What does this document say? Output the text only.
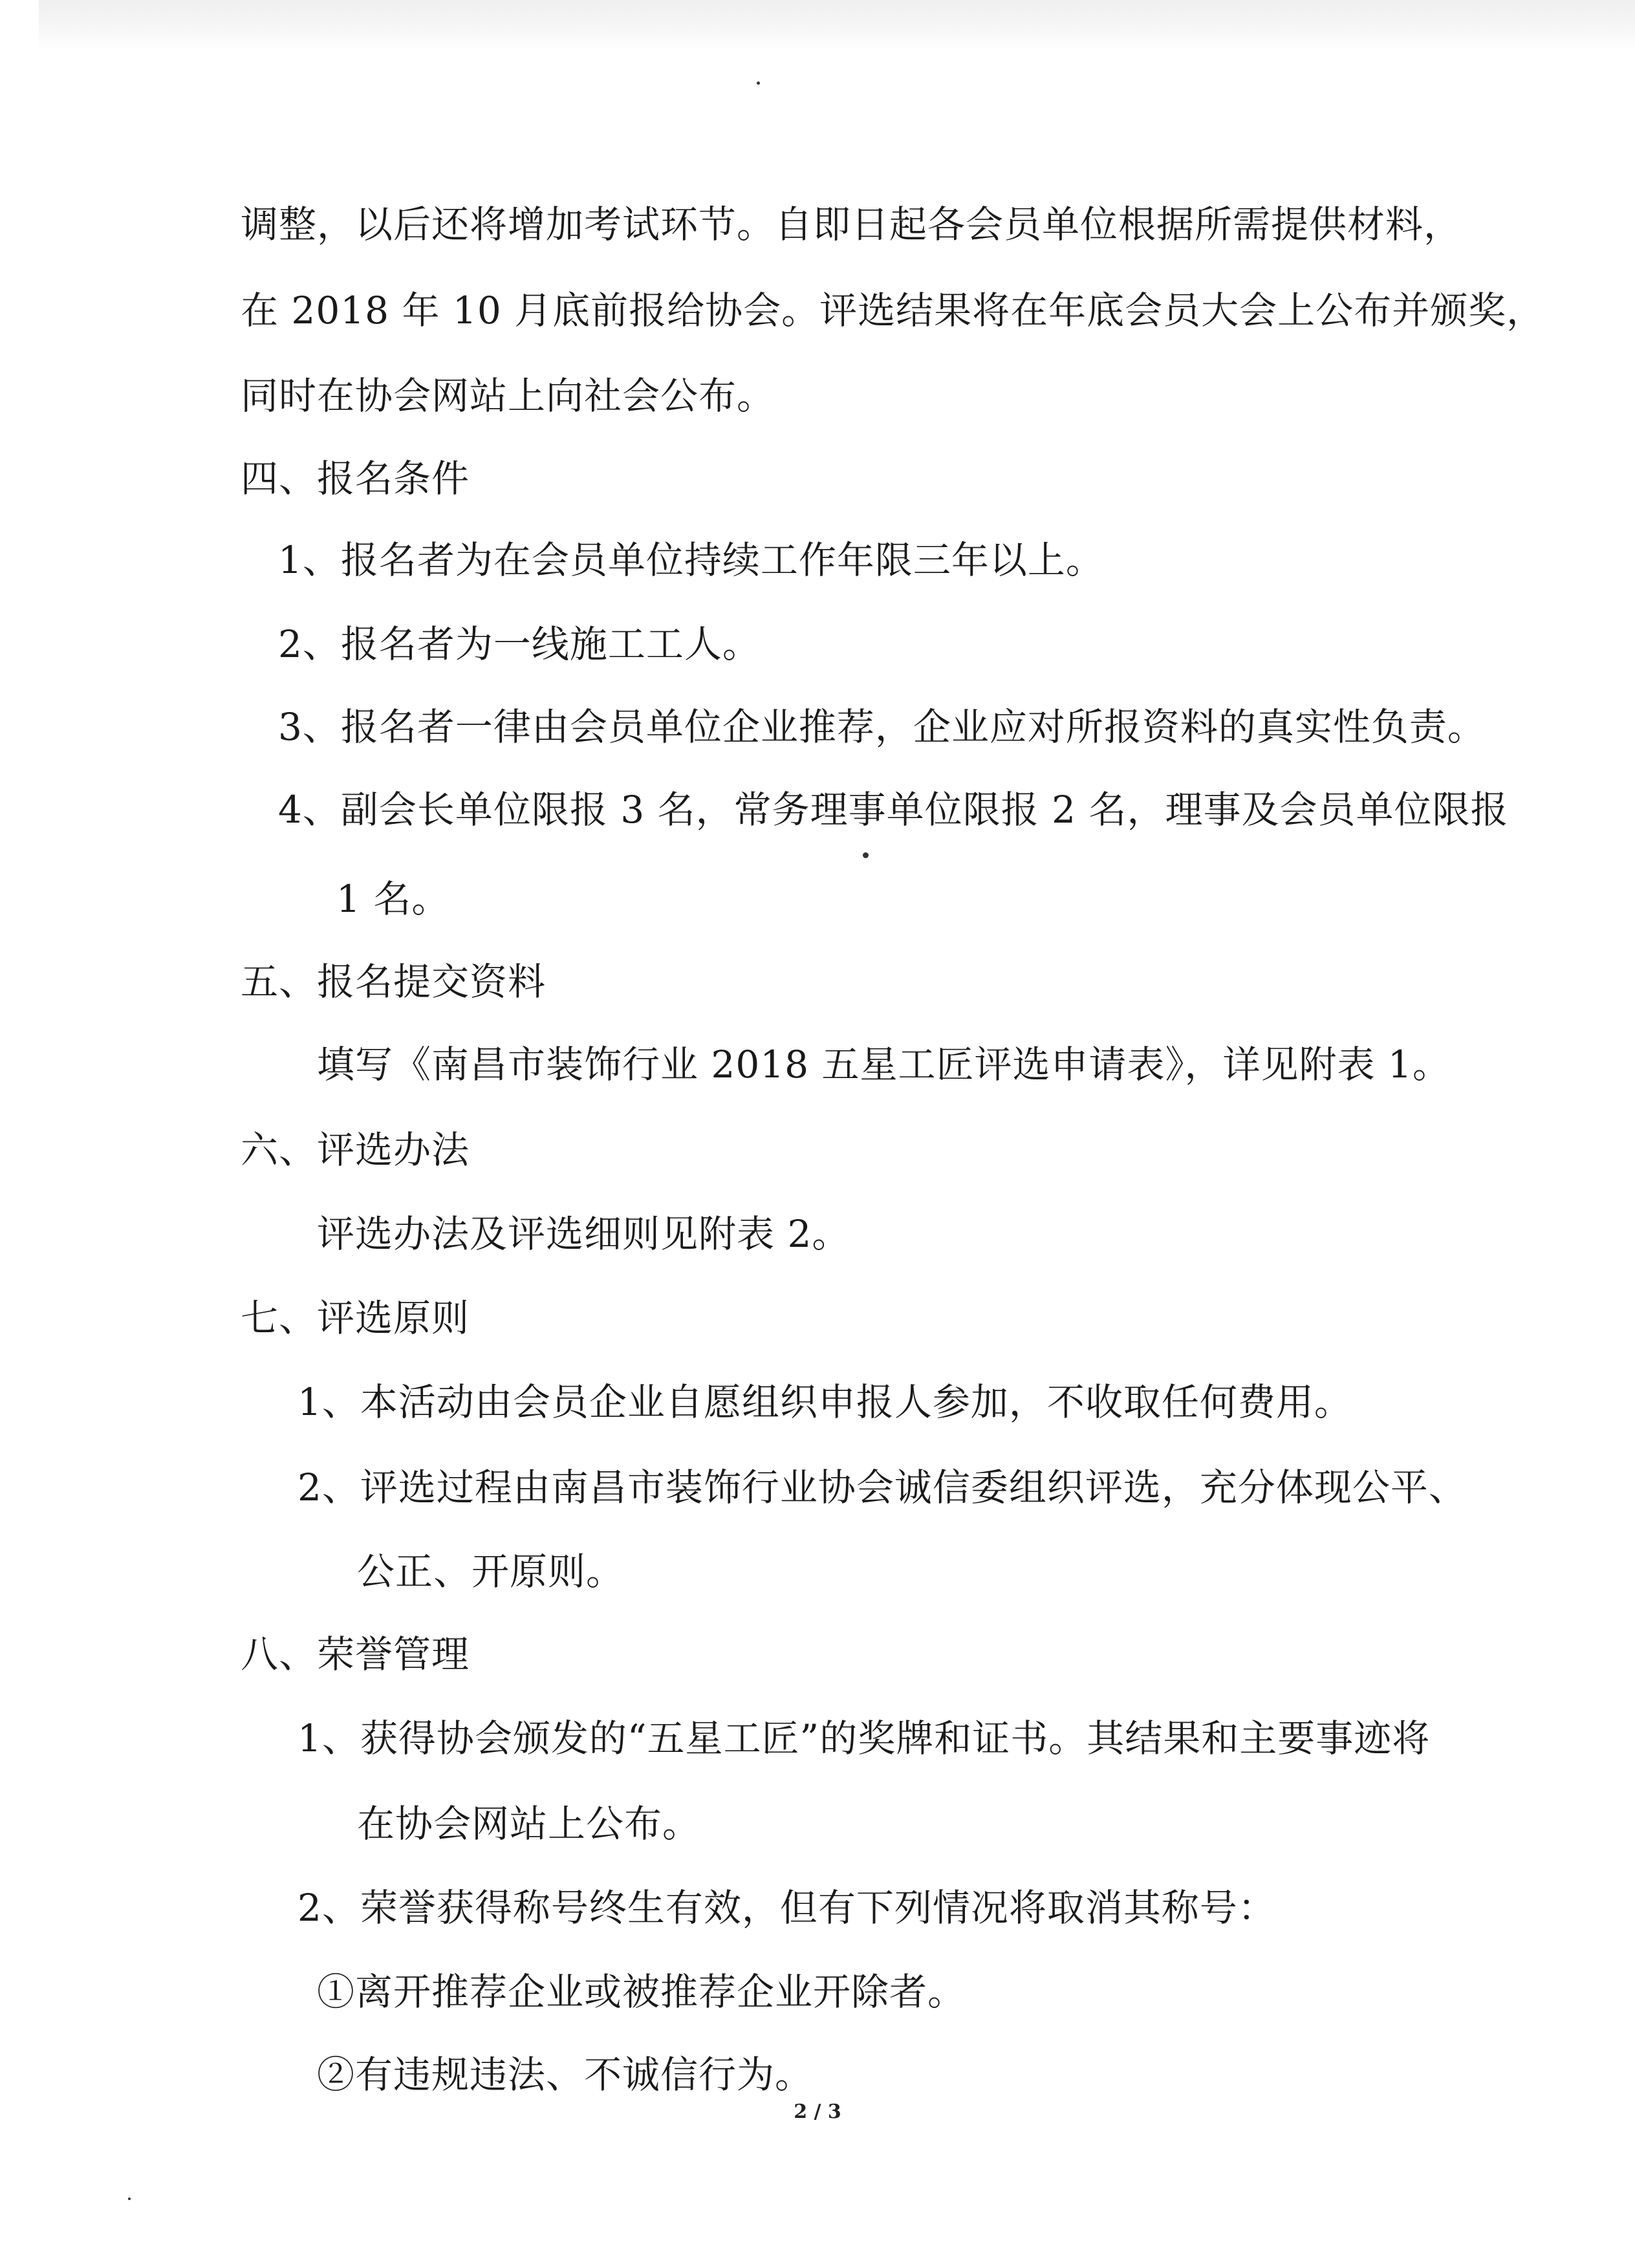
调整，以后还将增加考试环节。自即日起各会员单位根据所需提供材料，
在 2018 年 10 月底前报给协会。评选结果将在年底会员大会上公布并颁奖，
同时在协会网站上向社会公布。
四、报名条件
1、报名者为在会员单位持续工作年限三年以上。
2、报名者为一线施工工人。
3、报名者一律由会员单位企业推荐，企业应对所报资料的真实性负责。
4、副会长单位限报 3 名，常务理事单位限报 2 名，理事及会员单位限报
1 名。
五、报名提交资料
填写《南昌市装饰行业 2018 五星工匠评选申请表》，详见附表 1。
六、评选办法
评选办法及评选细则见附表 2。
七、评选原则
1、本活动由会员企业自愿组织申报人参加，不收取任何费用。
2、评选过程由南昌市装饰行业协会诚信委组织评选，充分体现公平、
公正、开原则。
八、荣誉管理
1、获得协会颁发的“五星工匠”的奖牌和证书。其结果和主要事迹将
在协会网站上公布。
2、荣誉获得称号终生有效，但有下列情况将取消其称号：
①离开推荐企业或被推荐企业开除者。
②有违规违法、不诚信行为。
2 / 3
